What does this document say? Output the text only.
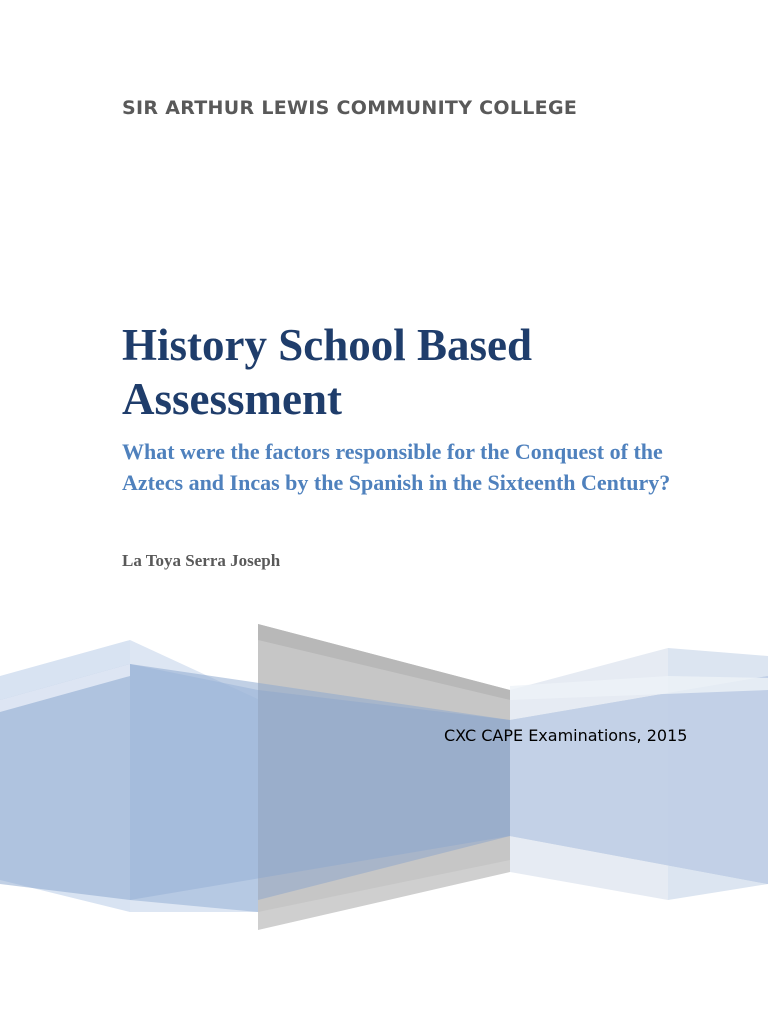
SIR ARTHUR LEWIS COMMUNITY COLLEGE
History School Based Assessment
What were the factors responsible for the Conquest of the Aztecs and Incas by the Spanish in the Sixteenth Century?
La Toya Serra Joseph
CXC CAPE Examinations, 2015
